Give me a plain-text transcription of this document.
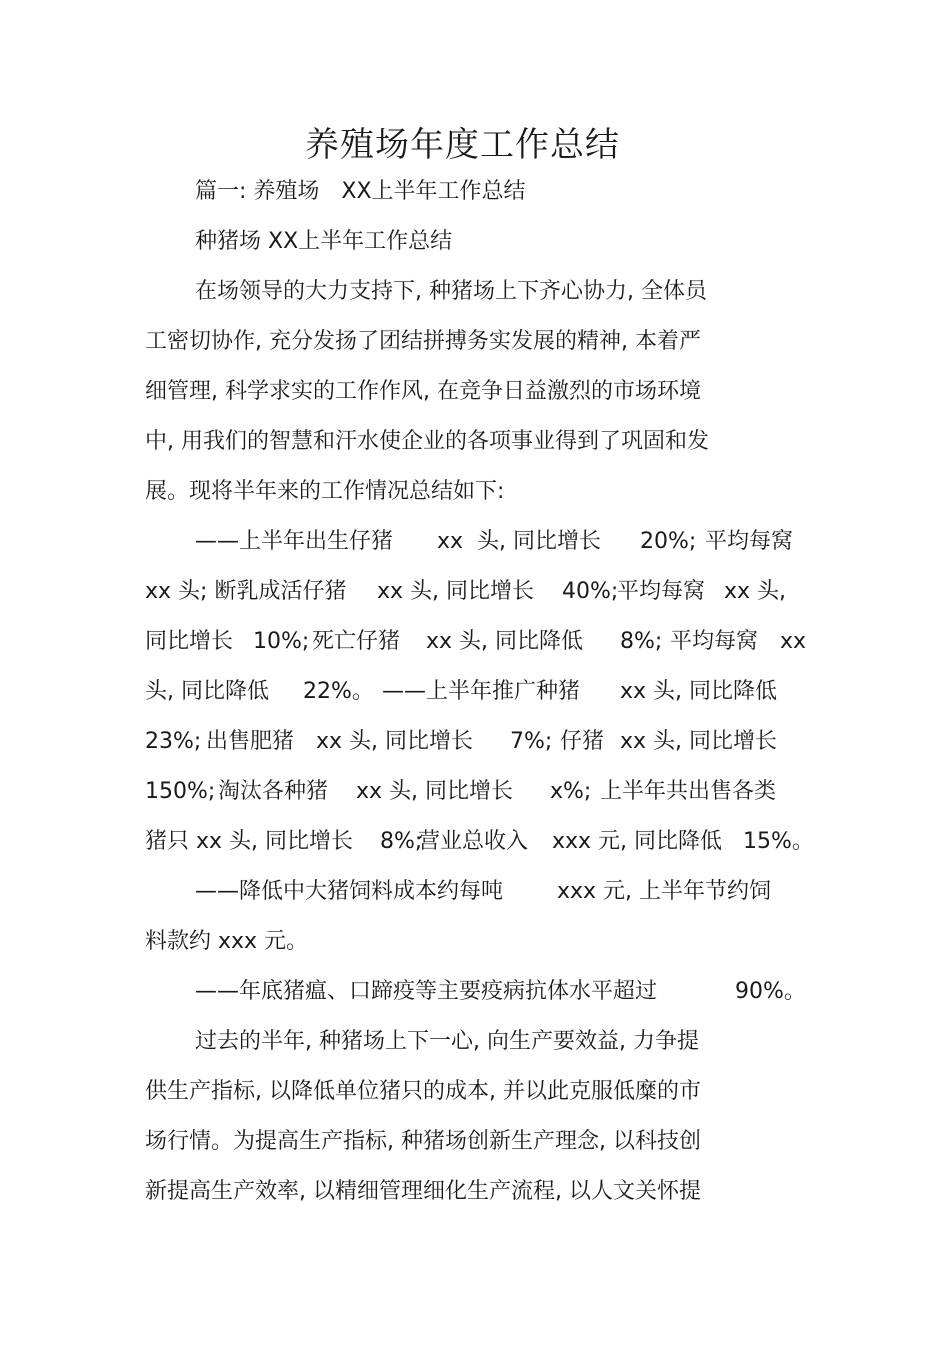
养殖场年度工作总结
篇一: 养殖场　XX上半年工作总结
种猪场 XX上半年工作总结
在场领导的大力支持下, 种猪场上下齐心协力, 全体员
工密切协作, 充分发扬了团结拼搏务实发展的精神, 本着严
细管理, 科学求实的工作作风, 在竞争日益激烈的市场环境
中, 用我们的智慧和汗水使企业的各项事业得到了巩固和发
展。现将半年来的工作情况总结如下:
——上半年出生仔猪 xx 头, 同比增长 20%; 平均每窝
xx 头; 断乳成活仔猪 xx 头, 同比增长 40%;
平均每窝 xx 头,
同比增长 10%; 死亡仔猪 xx 头, 同比降低 8%; 平均每窝 xx
头, 同比降低 22%。 ——上半年推广种猪 xx 头, 同比降低
23%; 出售肥猪 xx 头, 同比增长 7%; 仔猪 xx 头, 同比增长
150%; 淘汰各种猪 xx 头, 同比增长 x%; 上半年共出售各类
猪只 xx 头, 同比增长 8%;
营业总收入 xxx 元, 同比降低 15%。
——降低中大猪饲料成本约每吨 xxx 元, 上半年节约饲
料款约 xxx 元。
——年底猪瘟、口蹄疫等主要疫病抗体水平超过	90%。
过去的半年, 种猪场上下一心, 向生产要效益, 力争提
供生产指标, 以降低单位猪只的成本, 并以此克服低糜的市
场行情。为提高生产指标, 种猪场创新生产理念, 以科技创
新提高生产效率, 以精细管理细化生产流程, 以人文关怀提
